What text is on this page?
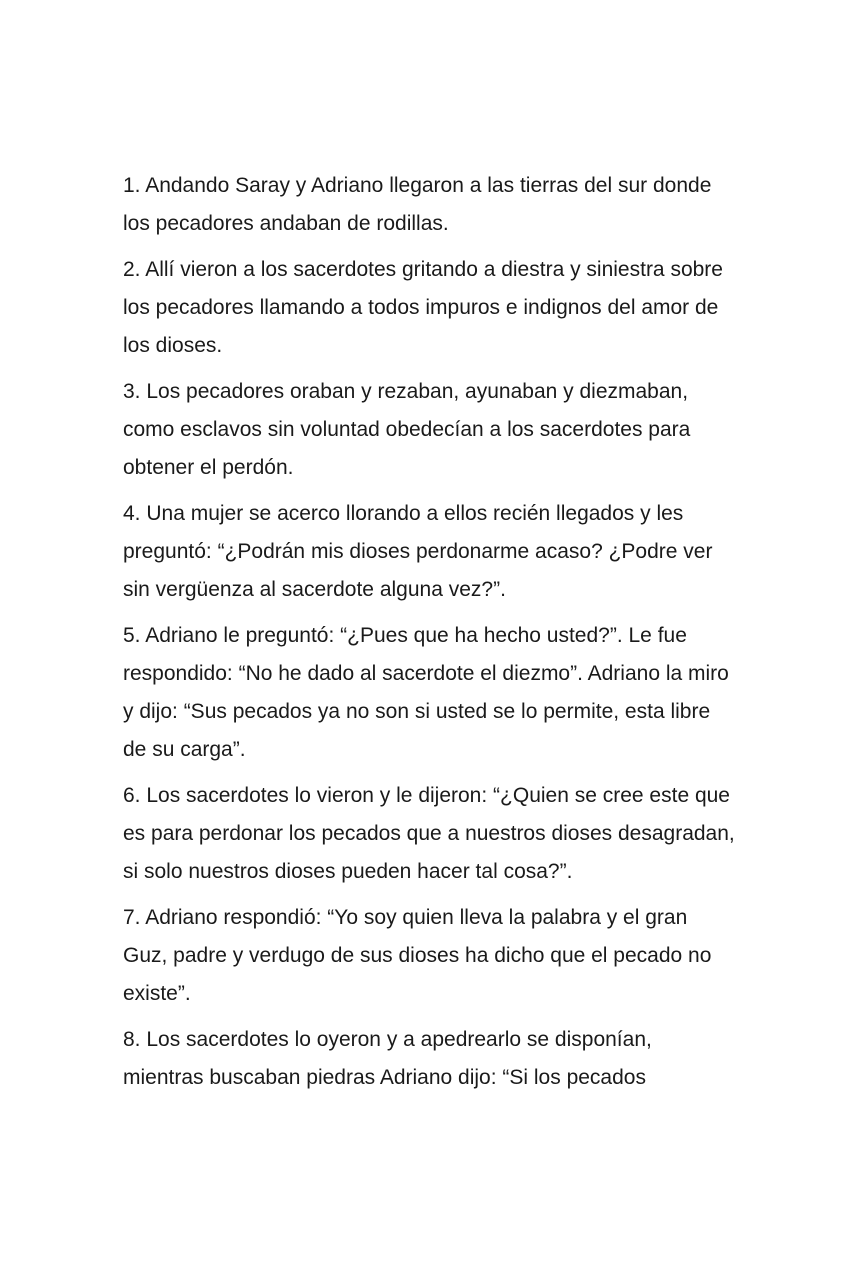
1. Andando Saray y Adriano llegaron a las tierras del sur donde los pecadores andaban de rodillas.

2. Allí vieron a los sacerdotes gritando a diestra y siniestra sobre los pecadores llamando a todos impuros e indignos del amor de los dioses.

3. Los pecadores oraban y rezaban, ayunaban y diezmaban, como esclavos sin voluntad obedecían a los sacerdotes para obtener el perdón.

4. Una mujer se acerco llorando a ellos recién llegados y les preguntó: “¿Podrán mis dioses perdonarme acaso? ¿Podre ver sin vergüenza al sacerdote alguna vez?”.

5. Adriano le preguntó: “¿Pues que ha hecho usted?”. Le fue respondido: “No he dado al sacerdote el diezmo”. Adriano la miro y dijo: “Sus pecados ya no son si usted se lo permite, esta libre de su carga”.

6. Los sacerdotes lo vieron y le dijeron: “¿Quien se cree este que es para perdonar los pecados que a nuestros dioses desagradan, si solo nuestros dioses pueden hacer tal cosa?”.

7. Adriano respondió: “Yo soy quien lleva la palabra y el gran Guz, padre y verdugo de sus dioses ha dicho que el pecado no existe”.

8. Los sacerdotes lo oyeron y a apedrearlo se disponían, mientras buscaban piedras Adriano dijo: “Si los pecados
